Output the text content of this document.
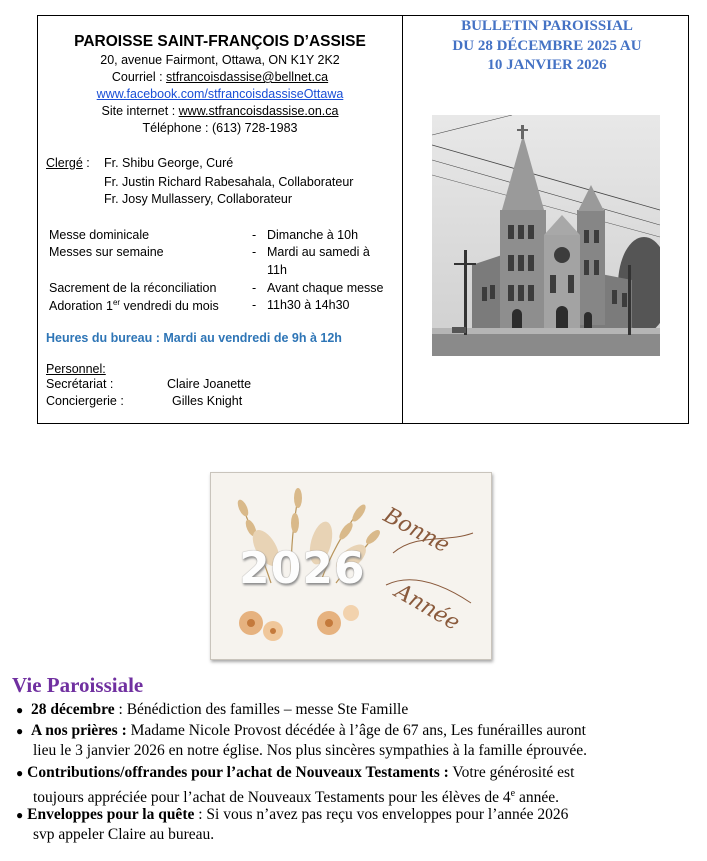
PAROISSE SAINT-FRANÇOIS D’ASSISE
20, avenue Fairmont, Ottawa, ON K1Y 2K2
Courriel : stfrancoisdassise@bellnet.ca
www.facebook.com/stfrancoisdassiseOttawa
Site internet : www.stfrancoisdassise.on.ca
Téléphone : (613) 728-1983
Clergé : Fr. Shibu George, Curé
Fr. Justin Richard Rabesahala, Collaborateur
Fr. Josy Mullassery, Collaborateur
Messe dominicale	- Dimanche à 10h
Messes sur semaine	- Mardi au samedi à
11h
Sacrement de la réconciliation	- Avant chaque messe
Adoration 1er vendredi du mois	- 11h30 à 14h30
Heures du bureau : Mardi au vendredi de 9h à 12h
Personnel:
Secrétariat :	Claire Joanette
Conciergerie :	Gilles Knight
BULLETIN PAROISSIAL
DU 28 DÉCEMBRE 2025 AU
10 JANVIER 2026
2026
Bonne
Année
Vie Paroissiale
● 28 décembre : Bénédiction des familles – messe Ste Famille
● A nos prières : Madame Nicole Provost décédée à l’âge de 67 ans, Les funérailles auront
lieu le 3 janvier 2026 en notre église. Nos plus sincères sympathies à la famille éprouvée.
● Contributions/offrandes pour l’achat de Nouveaux Testaments : Votre générosité est
toujours appréciée pour l’achat de Nouveaux Testaments pour les élèves de 4e année.
● Enveloppes pour la quête : Si vous n’avez pas reçu vos enveloppes pour l’année 2026
svp appeler Claire au bureau.
